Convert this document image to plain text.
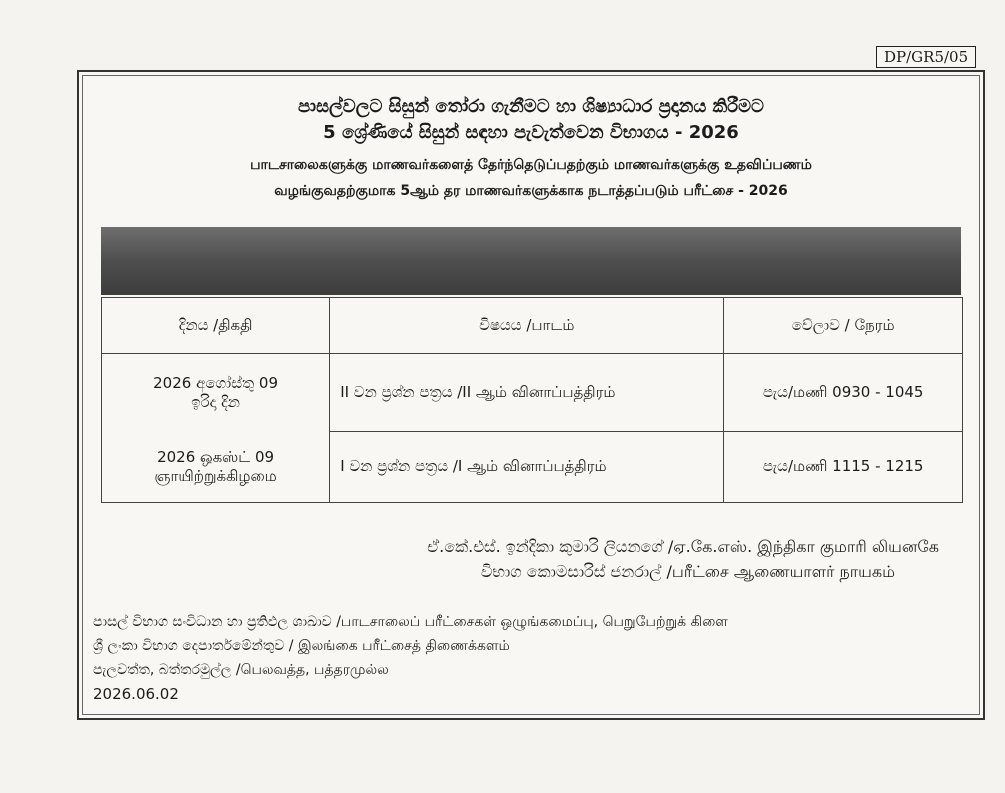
DP/GR5/05
පාසල්වලට සිසුන් තෝරා ගැනීමට හා ශිෂ්‍යාධාර ප්‍රදානය කිරීමට
5 ශ්‍රේණියේ සිසුන් සඳහා පැවැත්වෙන විභාගය - 2026
பாடசாலைகளுக்கு மாணவர்களைத் தேர்ந்தெடுப்பதற்கும் மாணவர்களுக்கு உதவிப்பணம்
வழங்குவதற்குமாக 5ஆம் தர மாணவர்களுக்காக நடாத்தப்படும் பரீட்சை - 2026
දිනය /திகதி	විෂයය /பாடம்	වේලාව / நேரம்

2026 අගෝස්තු 09
ඉරිදා දින	II වන ප්‍රශ්න පත්‍රය /II ஆம் வினாப்பத்திரம்	පැය/மணி 0930 - 1045

2026 ஒகஸ்ட் 09
ஞாயிற்றுக்கிழமை	I වන ප්‍රශ්න පත්‍රය /I ஆம் வினாப்பத்திரம்	පැය/மணி 1115 - 1215
ඒ.කේ.එස්. ඉන්දිකා කුමාරි ලියනගේ /ஏ.கே.எஸ். இந்திகா குமாரி லியனகே
විභාග කොමසාරිස් ජනරාල් /பரீட்சை ஆணையாளர் நாயகம்
පාසල් විභාග සංවිධාන හා ප්‍රතිඵල ශාඛාව /பாடசாலைப் பரீட்சைகள் ஒழுங்கமைப்பு, பெறுபேற்றுக் கிளை
ශ්‍රී ලංකා විභාග දෙපාර්තමේන්තුව / இலங்கை பரீட்சைத் திணைக்களம்
පැලවත්ත, බත්තරමුල්ල /பெலவத்த, பத்தரமுல்ல
2026.06.02
